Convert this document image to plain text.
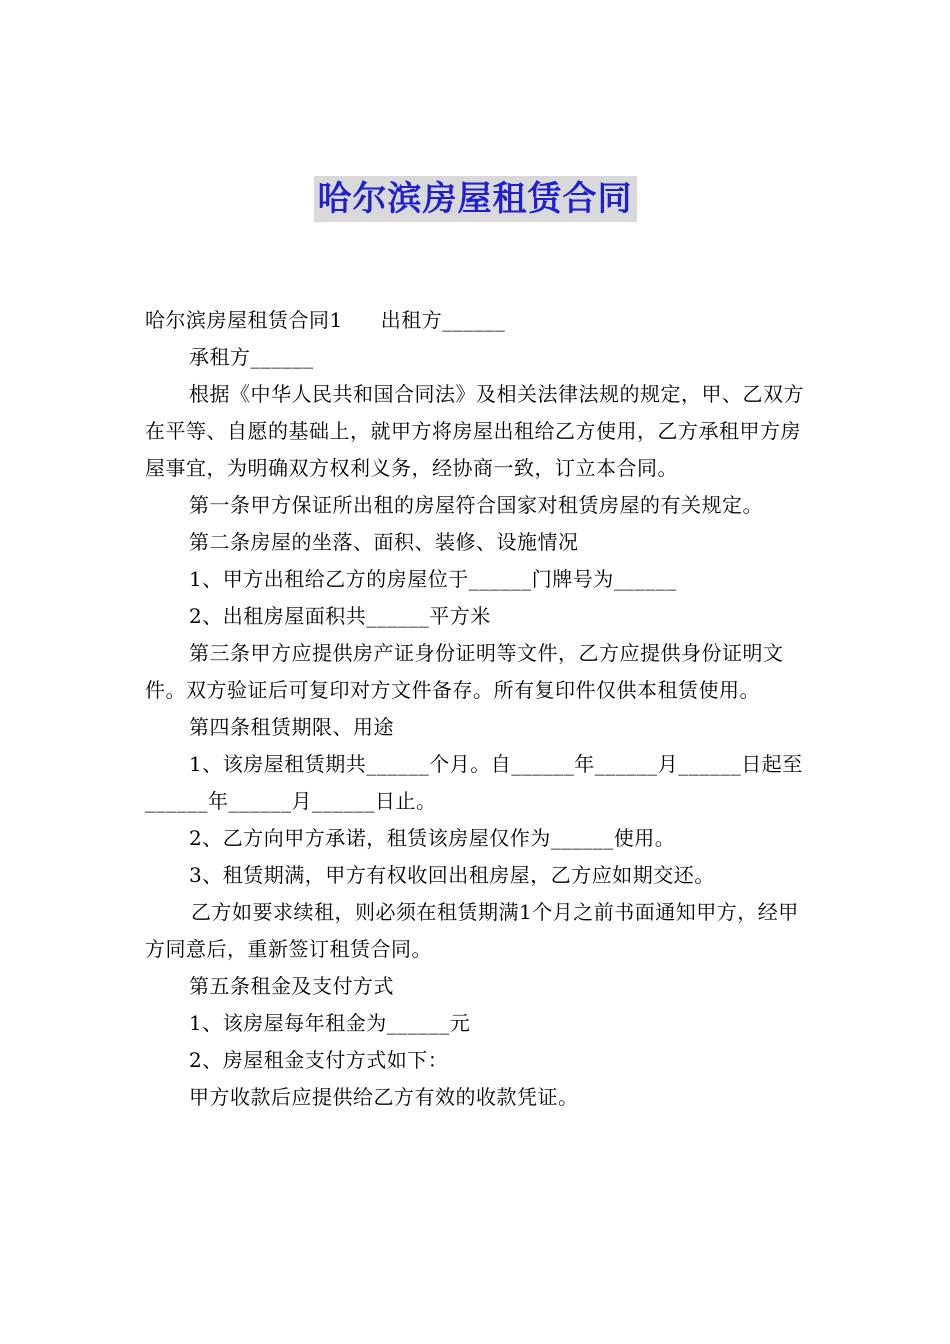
哈尔滨房屋租赁合同

哈尔滨房屋租赁合同1 出租方______

承租方______

根据《中华人民共和国合同法》及相关法律法规的规定，甲、乙双方在平等、自愿的基础上，就甲方将房屋出租给乙方使用，乙方承租甲方房屋事宜，为明确双方权利义务，经协商一致，订立本合同。

第一条甲方保证所出租的房屋符合国家对租赁房屋的有关规定。

第二条房屋的坐落、面积、装修、设施情况

1、甲方出租给乙方的房屋位于______门牌号为______

2、出租房屋面积共______平方米

第三条甲方应提供房产证身份证明等文件，乙方应提供身份证明文件。双方验证后可复印对方文件备存。所有复印件仅供本租赁使用。

第四条租赁期限、用途

1、该房屋租赁期共______个月。自______年______月______日起至______年______月______日止。

2、乙方向甲方承诺，租赁该房屋仅作为______使用。

3、租赁期满，甲方有权收回出租房屋，乙方应如期交还。

乙方如要求续租，则必须在租赁期满1个月之前书面通知甲方，经甲方同意后，重新签订租赁合同。

第五条租金及支付方式

1、该房屋每年租金为______元

2、房屋租金支付方式如下：

甲方收款后应提供给乙方有效的收款凭证。
